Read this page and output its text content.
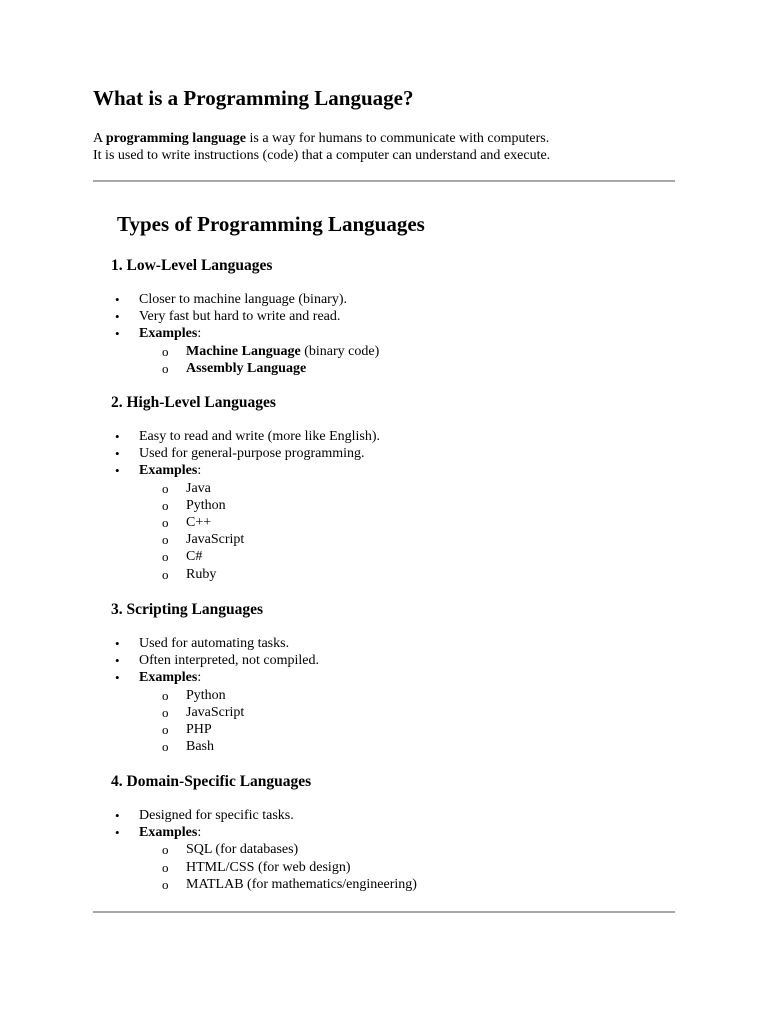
What is a Programming Language?
A programming language is a way for humans to communicate with computers.
It is used to write instructions (code) that a computer can understand and execute.
Types of Programming Languages
1. Low-Level Languages
• Closer to machine language (binary).
• Very fast but hard to write and read.
• Examples:
o Machine Language (binary code)
o Assembly Language
2. High-Level Languages
• Easy to read and write (more like English).
• Used for general-purpose programming.
• Examples:
o Java
o Python
o C++
o JavaScript
o C#
o Ruby
3. Scripting Languages
• Used for automating tasks.
• Often interpreted, not compiled.
• Examples:
o Python
o JavaScript
o PHP
o Bash
4. Domain-Specific Languages
• Designed for specific tasks.
• Examples:
o SQL (for databases)
o HTML/CSS (for web design)
o MATLAB (for mathematics/engineering)
